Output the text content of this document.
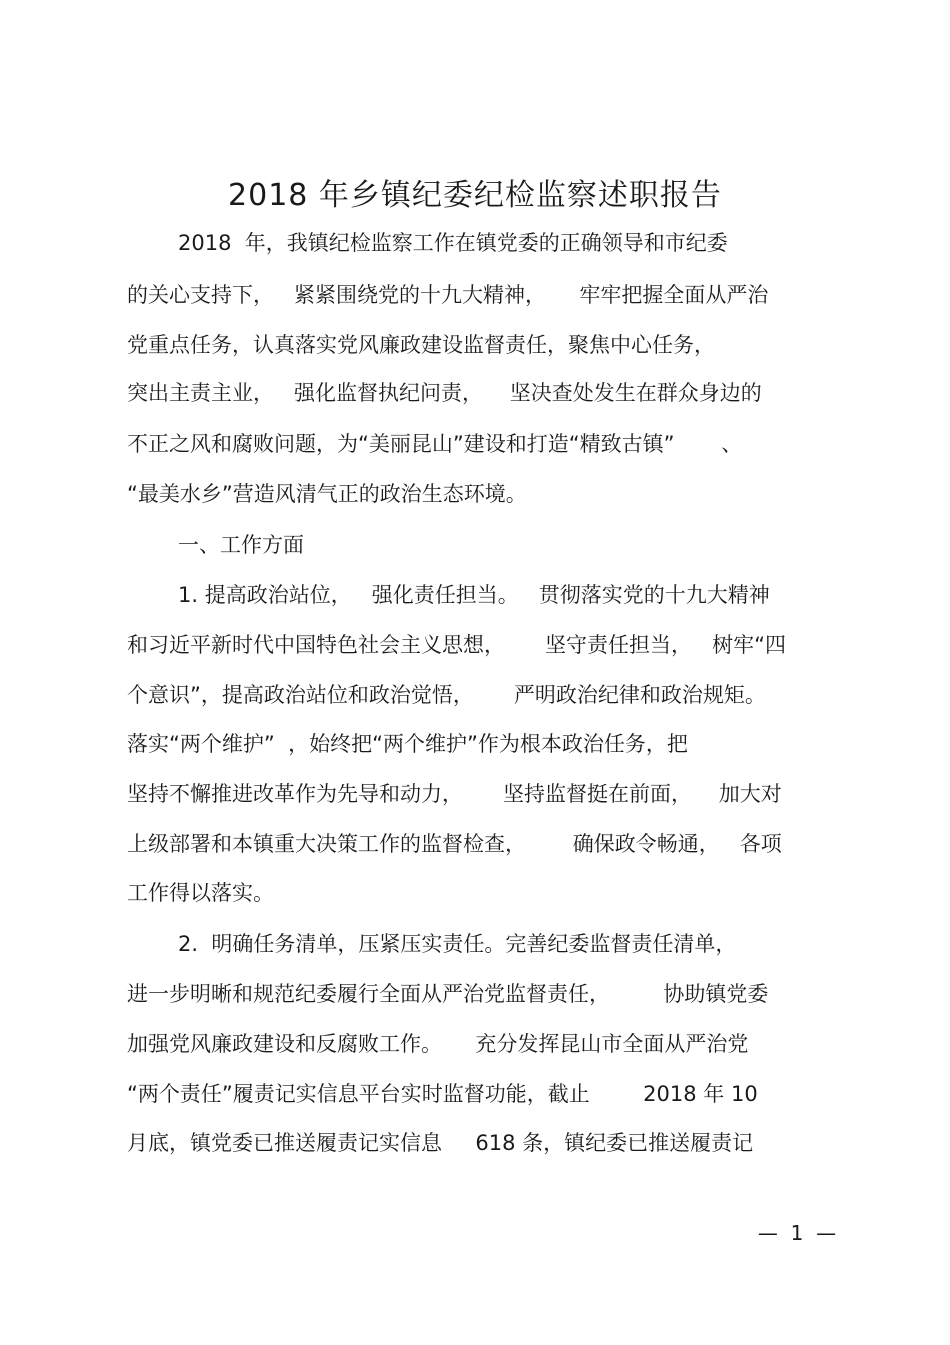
2018 年乡镇纪委纪检监察述职报告
2018  年，我镇纪检监察工作在镇党委的正确领导和市纪委
的关心支持下，   紧紧围绕党的十九大精神，     牢牢把握全面从严治
党重点任务，认真落实党风廉政建设监督责任，聚焦中心任务，
突出主责主业，   强化监督执纪问责，    坚决查处发生在群众身边的
不正之风和腐败问题，为“美丽昆山”建设和打造“精致古镇”       、
“最美水乡”营造风清气正的政治生态环境。
一、工作方面
1. 提高政治站位，   强化责任担当。   贯彻落实党的十九大精神
和习近平新时代中国特色社会主义思想，      坚守责任担当，   树牢“四
个意识”，提高政治站位和政治觉悟，      严明政治纪律和政治规矩。
落实“两个维护”  ，始终把“两个维护”作为根本政治任务，把
坚持不懈推进改革作为先导和动力，      坚持监督挺在前面，    加大对
上级部署和本镇重大决策工作的监督检查，       确保政令畅通，   各项
工作得以落实。
2.  明确任务清单，压紧压实责任。完善纪委监督责任清单，
进一步明晰和规范纪委履行全面从严治党监督责任，        协助镇党委
加强党风廉政建设和反腐败工作。     充分发挥昆山市全面从严治党
“两个责任”履责记实信息平台实时监督功能，截止        2018 年 10
月底，镇党委已推送履责记实信息     618 条，镇纪委已推送履责记
—  1  —
